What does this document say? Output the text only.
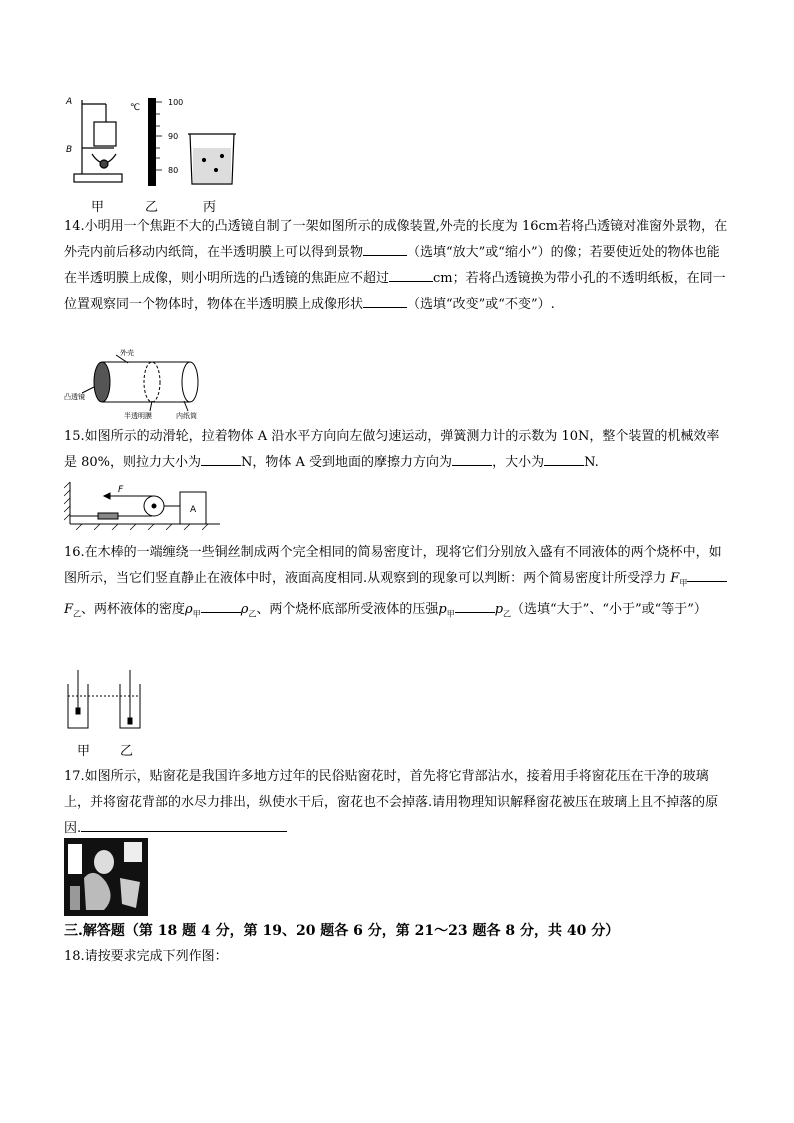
A
B
℃
100
90
80
甲	乙	丙
14.小明用一个焦距不大的凸透镜自制了一架如图所示的成像装置,外壳的长度为 16cm若将凸透镜对准窗外景物，在外壳内前后移动内纸筒，在半透明膜上可以得到景物	（选填“放大”或“缩小”）的像；若要使近处的物体也能在半透明膜上成像，则小明所选的凸透镜的焦距应不超过	cm；若将凸透镜换为带小孔的不透明纸板，在同一位置观察同一个物体时，物体在半透明膜上成像形状	（选填“改变”或“不变”）.
外壳
凸透镜
半透明膜	内纸筒
15.如图所示的动滑轮，拉着物体 A 沿水平方向向左做匀速运动，弹簧测力计的示数为 10N，整个装置的机械效率是 80%，则拉力大小为	N，物体 A 受到地面的摩擦力方向为	，大小为	N.
F
A
16.在木棒的一端缠绕一些铜丝制成两个完全相同的简易密度计，现将它们分别放入盛有不同液体的两个烧杯中，如图所示，当它们竖直静止在液体中时，液面高度相同.从观察到的现象可以判断：两个简易密度计所受浮力 $F_甲F_乙$、两杯液体的密度$\rho_甲$	$\rho_乙$、两个烧杯底部所受液体的压强$p_甲$	$p_乙$（选填“大于”、“小于”或“等于”）
甲 乙
17.如图所示，贴窗花是我国许多地方过年的民俗贴窗花时，首先将它背部沾水，接着用手将窗花压在干净的玻璃上，并将窗花背部的水尽力排出，纵使水干后，窗花也不会掉落.请用物理知识解释窗花被压在玻璃上且不掉落的原因.
三.解答题（第 18 题 4 分，第 19、20 题各 6 分，第 21～23 题各 8 分，共 40 分）
18.请按要求完成下列作图：
